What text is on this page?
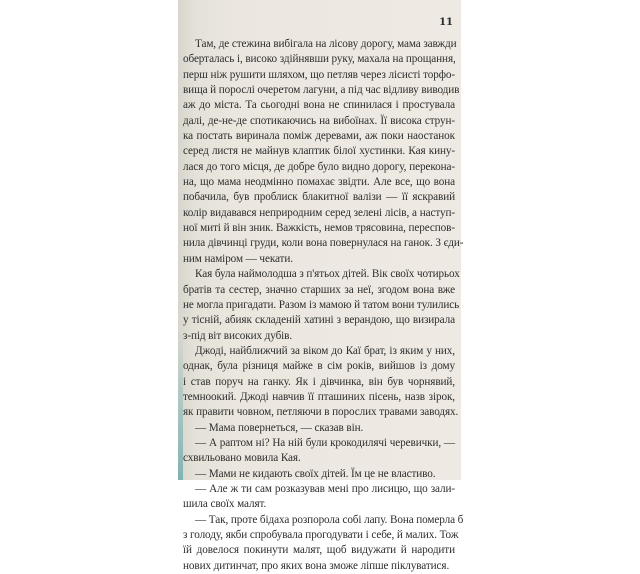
11
Там, де стежина вибігала на лісову дорогу, мама завжди
оберталась і, високо здійнявши руку, махала на прощання,
перш ніж рушити шляхом, що петляв через лісисті торфо-
вища й порослі очеретом лагуни, а під час відливу виводив
аж до міста. Та сьогодні вона не спинилася і простувала
далі, де-не-де спотикаючись на вибоїнах. Її висока струн-
ка постать виринала поміж деревами, аж поки наостанок
серед листя не майнув клаптик білої хустинки. Кая кину-
лася до того місця, де добре було видно дорогу, перекона-
на, що мама неодмінно помахає звідти. Але все, що вона
побачила, був проблиск блакитної валізи — її яскравий
колір видавався неприродним серед зелені лісів, а наступ-
ної миті й він зник. Важкість, немов трясовина, переспов-
нила дівчинці груди, коли вона повернулася на ганок. З єди-
ним наміром — чекати.
Кая була наймолодша з п'ятьох дітей. Вік своїх чотирьох
братів та сестер, значно старших за неї, згодом вона вже
не могла пригадати. Разом із мамою й татом вони тулились
у тісній, абияк складеній хатині з верандою, що визирала
з-під віт високих дубів.
Джоді, найближчий за віком до Каї брат, із яким у них,
однак, була різниця майже в сім років, вийшов із дому
і став поруч на ганку. Як і дівчинка, він був чорнявий,
темноокий. Джоді навчив її пташиних пісень, назв зірок,
як правити човном, петляючи в порослих травами заводях.
— Мама повернеться, — сказав він.
— А раптом ні? На ній були крокодилячі черевички, —
схвильовано мовила Кая.
— Мами не кидають своїх дітей. Їм це не властиво.
— Але ж ти сам розказував мені про лисицю, що зали-
шила своїх малят.
— Так, проте бідаха розпорола собі лапу. Вона померла б
з голоду, якби спробувала прогодувати і себе, й малих. Тож
їй довелося покинути малят, щоб видужати й народити
нових дитинчат, про яких вона зможе ліпше піклуватися.
